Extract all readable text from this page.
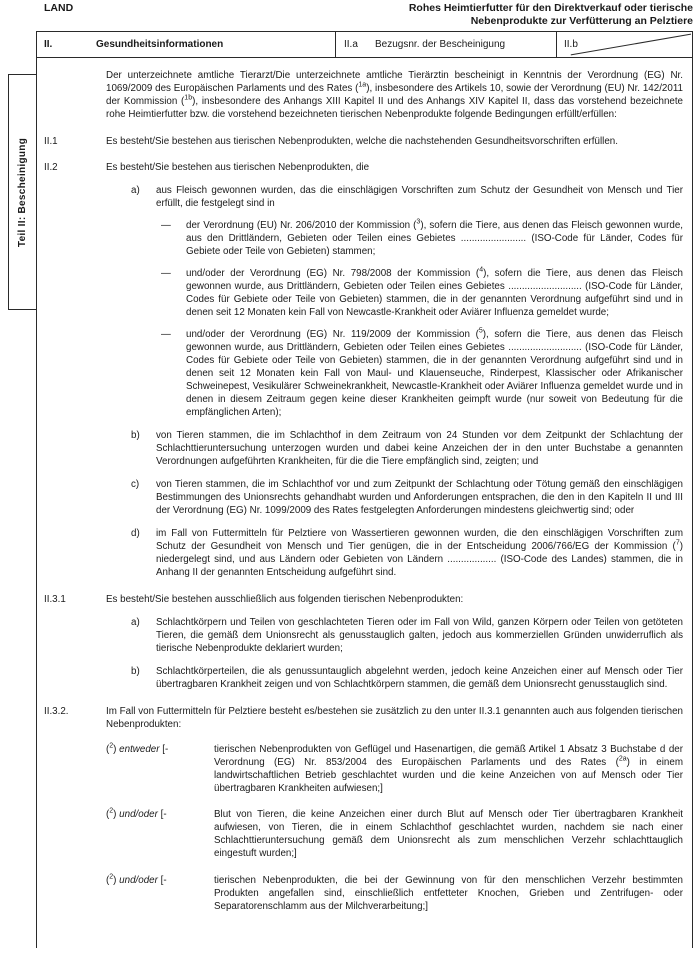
LAND	Rohes Heimtierfutter für den Direktverkauf oder tierische
Nebenprodukte zur Verfütterung an Pelztiere
Teil II: Bescheinigung
II.	Gesundheitsinformationen	II.a	Bezugsnr. der Bescheinigung	II.b
Der unterzeichnete amtliche Tierarzt/Die unterzeichnete amtliche Tierärztin bescheinigt in Kenntnis der Verordnung (EG) Nr. 1069/2009 des Europäischen Parlaments und des Rates ($^{1a}$), insbesondere des Artikels 10, sowie der Verordnung (EU) Nr. 142/2011 der Kommission ($^{1b}$), insbesondere des Anhangs XIII Kapitel II und des Anhangs XIV Kapitel II, dass das vorstehend bezeichnete rohe Heimtierfutter bzw. die vorstehend bezeichneten tierischen Nebenprodukte folgende Bedingungen erfüllt/erfüllen:
II.1	Es besteht/Sie bestehen aus tierischen Nebenprodukten, welche die nachstehenden Gesundheitsvorschriften erfüllen.
II.2	Es besteht/Sie bestehen aus tierischen Nebenprodukten, die
a)	aus Fleisch gewonnen wurden, das die einschlägigen Vorschriften zum Schutz der Gesundheit von Mensch und Tier erfüllt, die festgelegt sind in
—	der Verordnung (EU) Nr. 206/2010 der Kommission ($^3$), sofern die Tiere, aus denen das Fleisch gewonnen wurde, aus den Drittländern, Gebieten oder Teilen eines Gebietes ........................ (ISO-Code für Länder, Codes für Gebiete oder Teile von Gebieten) stammen;
—	und/oder der Verordnung (EG) Nr. 798/2008 der Kommission ($^4$), sofern die Tiere, aus denen das Fleisch gewonnen wurde, aus Drittländern, Gebieten oder Teilen eines Gebietes ........................... (ISO-Code für Länder, Codes für Gebiete oder Teile von Gebieten) stammen, die in der genannten Verordnung aufgeführt sind und in denen seit 12 Monaten kein Fall von Newcastle-Krankheit oder Aviärer Influenza gemeldet wurde;
—	und/oder der Verordnung (EG) Nr. 119/2009 der Kommission ($^5$), sofern die Tiere, aus denen das Fleisch gewonnen wurde, aus Drittländern, Gebieten oder Teilen eines Gebietes ........................... (ISO-Code für Länder, Codes für Gebiete oder Teile von Gebieten) stammen, die in der genannten Verordnung aufgeführt sind und in denen seit 12 Monaten kein Fall von Maul- und Klauenseuche, Rinderpest, Klassischer oder Afrikanischer Schweinepest, Vesikulärer Schweinekrankheit, Newcastle-Krankheit oder Aviärer Influenza gemeldet wurde und in denen in diesem Zeitraum gegen keine dieser Krankheiten geimpft wurde (nur soweit von Bedeutung für die empfänglichen Arten);
b)	von Tieren stammen, die im Schlachthof in dem Zeitraum von 24 Stunden vor dem Zeitpunkt der Schlachtung der Schlachttieruntersuchung unterzogen wurden und dabei keine Anzeichen der in den unter Buchstabe a genannten Verordnungen aufgeführten Krankheiten, für die die Tiere empfänglich sind, zeigten; und
c)	von Tieren stammen, die im Schlachthof vor und zum Zeitpunkt der Schlachtung oder Tötung gemäß den einschlägigen Bestimmungen des Unionsrechts gehandhabt wurden und Anforderungen entsprachen, die den in den Kapiteln II und III der Verordnung (EG) Nr. 1099/2009 des Rates festgelegten Anforderungen mindestens gleichwertig sind; oder
d)	im Fall von Futtermitteln für Pelztiere von Wassertieren gewonnen wurden, die den einschlägigen Vorschriften zum Schutz der Gesundheit von Mensch und Tier genügen, die in der Entscheidung 2006/766/EG der Kommission ($^7$) niedergelegt sind, und aus Ländern oder Gebieten von Ländern .................. (ISO-Code des Landes) stammen, die in Anhang II der genannten Entscheidung aufgeführt sind.
II.3.1	Es besteht/Sie bestehen ausschließlich aus folgenden tierischen Nebenprodukten:
a)	Schlachtkörpern und Teilen von geschlachteten Tieren oder im Fall von Wild, ganzen Körpern oder Teilen von getöteten Tieren, die gemäß dem Unionsrecht als genusstauglich galten, jedoch aus kommerziellen Gründen unwiderruflich als tierische Nebenprodukte deklariert wurden;
b)	Schlachtkörperteilen, die als genussuntauglich abgelehnt werden, jedoch keine Anzeichen einer auf Mensch oder Tier übertragbaren Krankheit zeigen und von Schlachtkörpern stammen, die gemäß dem Unionsrecht genusstauglich sind.
II.3.2.	Im Fall von Futtermitteln für Pelztiere besteht es/bestehen sie zusätzlich zu den unter II.3.1 genannten auch aus folgenden tierischen Nebenprodukten:
($^2$) entweder [-	tierischen Nebenprodukten von Geflügel und Hasenartigen, die gemäß Artikel 1 Absatz 3 Buchstabe d der Verordnung (EG) Nr. 853/2004 des Europäischen Parlaments und des Rates ($^{2a}$) in einem landwirtschaftlichen Betrieb geschlachtet wurden und die keine Anzeichen von auf Mensch oder Tier übertragbaren Krankheiten aufwiesen;]
($^2$) und/oder [-	Blut von Tieren, die keine Anzeichen einer durch Blut auf Mensch oder Tier übertragbaren Krankheit aufwiesen, von Tieren, die in einem Schlachthof geschlachtet wurden, nachdem sie nach einer Schlachttieruntersuchung gemäß dem Unionsrecht als zum menschlichen Verzehr schlachttauglich eingestuft wurden;]
($^2$) und/oder [-	tierischen Nebenprodukten, die bei der Gewinnung von für den menschlichen Verzehr bestimmten Produkten angefallen sind, einschließlich entfetteter Knochen, Grieben und Zentrifugen- oder Separatorenschlamm aus der Milchverarbeitung;]
